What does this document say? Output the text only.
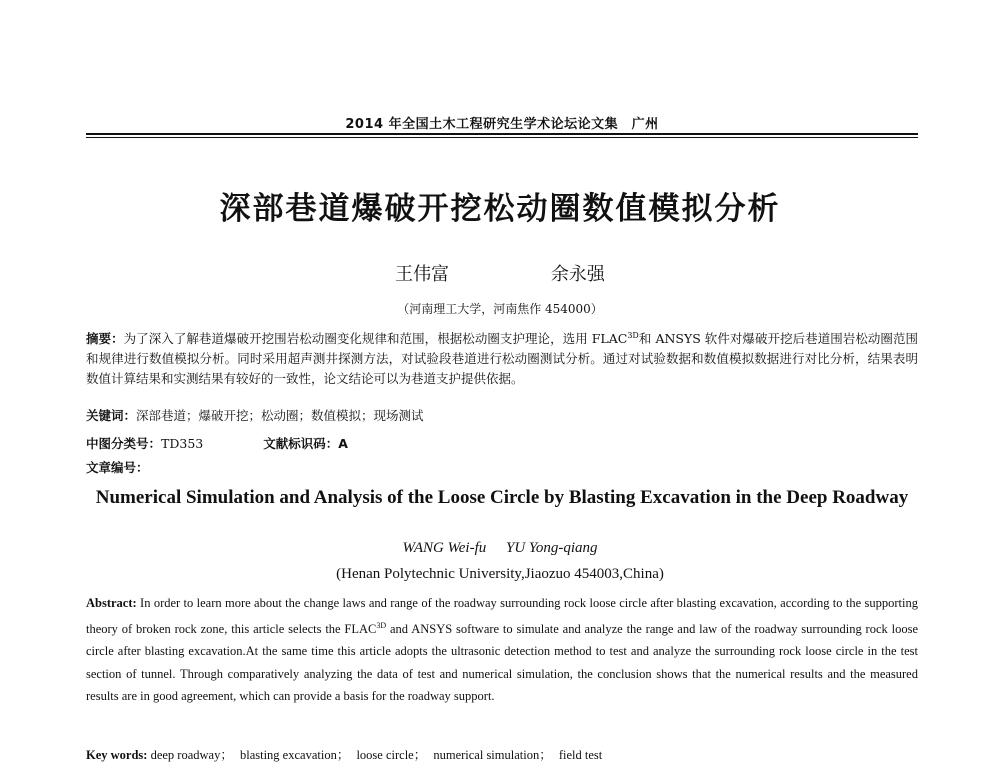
2014 年全国土木工程研究生学术论坛论文集　广州
深部巷道爆破开挖松动圈数值模拟分析
王伟富	余永强
（河南理工大学，河南焦作 454000）
摘要：为了深入了解巷道爆破开挖围岩松动圈变化规律和范围，根据松动圈支护理论，选用 $FLAC^{3D}$和 ANSYS 软件对爆破开挖后巷道围岩松动圈范围和规律进行数值模拟分析。同时采用超声测井探测方法，对试验段巷道进行松动圈测试分析。通过对试验数据和数值模拟数据进行对比分析，结果表明数值计算结果和实测结果有较好的一致性，论文结论可以为巷道支护提供依据。
关键词：深部巷道；爆破开挖；松动圈；数值模拟；现场测试
中图分类号：TD353	文献标识码：A
文章编号：
Numerical Simulation and Analysis of the Loose Circle by Blasting Excavation in the Deep Roadway
WANG Wei-fu YU Yong-qiang
(Henan Polytechnic University,Jiaozuo 454003,China)
Abstract: In order to learn more about the change laws and range of the roadway surrounding rock loose circle after blasting excavation, according to the supporting theory of broken rock zone, this article selects the $FLAC^{3D}$ and ANSYS software to simulate and analyze the range and law of the roadway surrounding rock loose circle after blasting excavation.At the same time this article adopts the ultrasonic detection method to test and analyze the surrounding rock loose circle in the test section of tunnel. Through comparatively analyzing the data of test and numerical simulation, the conclusion shows that the numerical results and the measured results are in good agreement, which can provide a basis for the roadway support.
Key words: deep roadway； blasting excavation； loose circle； numerical simulation； field test
